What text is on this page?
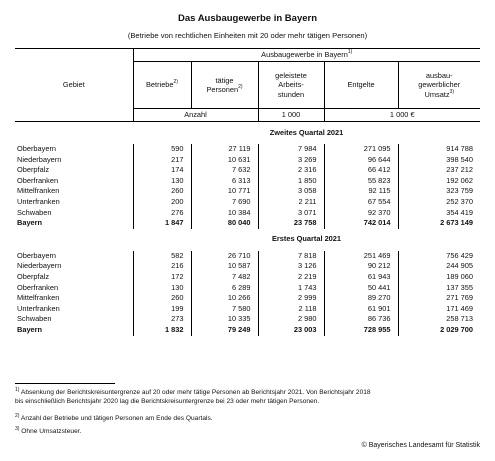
Das Ausbaugewerbe in Bayern
(Betriebe von rechtlichen Einheiten mit 20 oder mehr tätigen Personen)
Gebiet	Ausbaugewerbe in Bayern$^{1)}$
	Betriebe$^{2)}$	tätige
Personen$^{2)}$	geleistete
Arbeits-
stunden	Entgelte	ausbau-
gewerblicher
Umsatz$^{3)}$
	Anzahl		1 000	1 000 €	
	Zweites Quartal 2021				
Oberbayern	590	27 119	7 984	271 095	914 788
Niederbayern	217	10 631	3 269	96 644	398 540
Oberpfalz	174	7 632	2 316	66 412	237 212
Oberfranken	130	6 313	1 850	55 823	192 062
Mittelfranken	260	10 771	3 058	92 115	323 759
Unterfranken	200	7 690	2 211	67 554	252 370
Schwaben	276	10 384	3 071	92 370	354 419
Bayern	1 847	80 040	23 758	742 014	2 673 149
	Erstes Quartal 2021				
Oberbayern	582	26 710	7 818	251 469	756 429
Niederbayern	216	10 587	3 126	90 212	244 905
Oberpfalz	172	7 482	2 219	61 943	189 060
Oberfranken	130	6 289	1 743	50 441	137 355
Mittelfranken	260	10 266	2 999	89 270	271 769
Unterfranken	199	7 580	2 118	61 901	171 469
Schwaben	273	10 335	2 980	86 736	258 713
Bayern	1 832	79 249	23 003	728 955	2 029 700
$^{1)}$ Absenkung der Berichtskreisuntergrenze auf 20 oder mehr tätige Personen ab Berichtsjahr 2021. Von Berichtsjahr 2018
bis einschließlich Berichtsjahr 2020 lag die Berichtskreisuntergrenze bei 23 oder mehr tätigen Personen.
$^{2)}$ Anzahl der Betriebe und tätigen Personen am Ende des Quartals.
$^{3)}$ Ohne Umsatzsteuer.
© Bayerisches Landesamt für Statistik
